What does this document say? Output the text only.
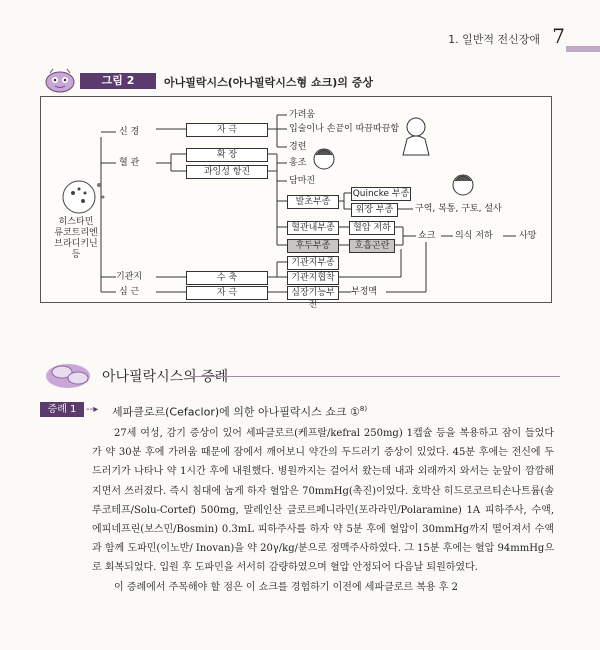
1. 일반적 전신장애 7
그림 2	아나필락시스(아나필락시스형 쇼크)의 증상
히스타민
류코트리엔
브라디키닌
등
신 경
혈 관
기관지
심 근
자 극
확 장
과잉성 항진
수 축
자 극
가려움
입술이나 손끝이 따끔따끔함
경련
홍조
담마진
발초부종
Quincke 부종
위장 부종	구역, 복통, 구토, 설사
혈관내부종
후두부종
혈압 저하
호흡곤란
쇼크 의식 저하	사망
기관지부종
기관지협착
심장기능부전
부정맥
아나필락시스의 증례
증례 1 ‑‑▸ 세파클로르(Cefaclor)에 의한 아나필락시스 쇼크 ①$^{8)}$

27세 여성, 감기 증상이 있어 세파클로르(케프랄/kefral 250mg) 1캡슐 등을 복용하고 잠이 들었다가 약 30분 후에 가려움 때문에 잠에서 깨어보니 약간의 두드러기 증상이 있었다. 45분 후에는 전신에 두드러기가 나타나 약 1시간 후에 내원했다. 병원까지는 걸어서 왔는데 내과 외래까지 와서는 눈앞이 깜깜해지면서 쓰러졌다. 즉시 침대에 눕게 하자 혈압은 70mmHg(촉진)이었다. 호박산 히드로코르티손나트륨(솔루코테프/Solu-Cortef) 500mg, 말레인산 클로르페니라민(포라라민/Polaramine) 1A 피하주사, 수액, 에피네프린(보스민/Bosmin) 0.3mL 피하주사를 하자 약 5분 후에 혈압이 30mmHg까지 떨어져서 수액과 함께 도파민(이노반/ Inovan)을 약 20γ/kg/분으로 정맥주사하였다. 그 15분 후에는 혈압 94mmHg으로 회복되었다. 입원 후 도파민을 서서히 감량하였으며 혈압 안정되어 다음날 퇴원하였다.

이 증례에서 주목해야 할 점은 이 쇼크를 경험하기 이전에 세파클로르 복용 후 2
